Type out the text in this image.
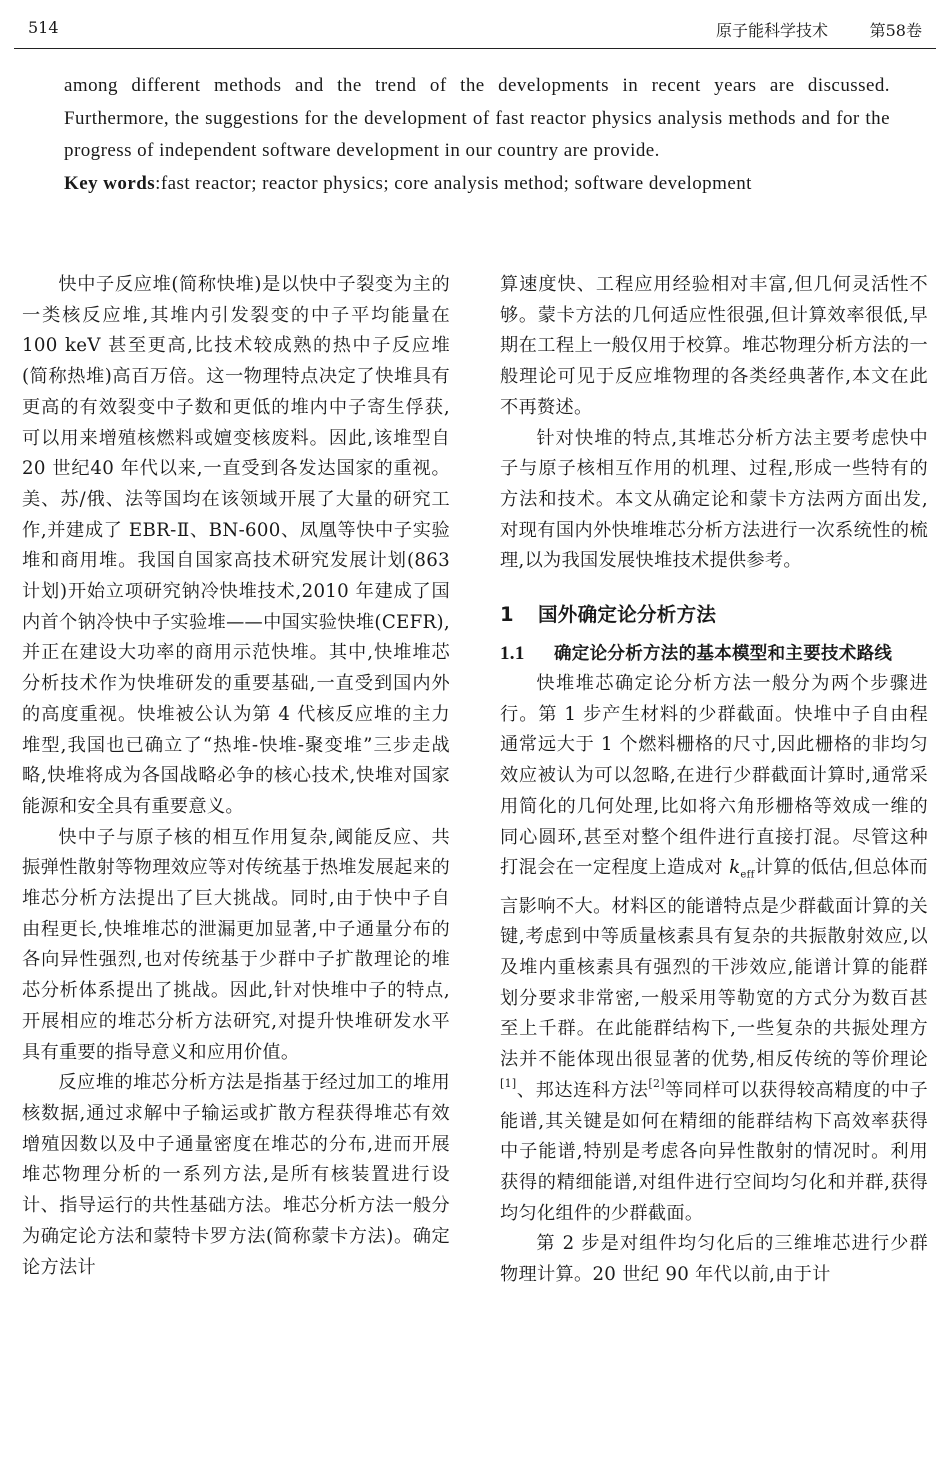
514	原子能科学技术	第58卷

among different methods and the trend of the developments in recent years are discussed. Furthermore, the suggestions for the development of fast reactor physics analysis methods and for the progress of independent software development in our country are provide.

Key words:fast reactor; reactor physics; core analysis method; software development

快中子反应堆(简称快堆)是以快中子裂变为主的一类核反应堆,其堆内引发裂变的中子平均能量在 100 keV 甚至更高,比技术较成熟的热中子反应堆(简称热堆)高百万倍。这一物理特点决定了快堆具有更高的有效裂变中子数和更低的堆内中子寄生俘获,可以用来增殖核燃料或嬗变核废料。因此,该堆型自 20 世纪40 年代以来,一直受到各发达国家的重视。美、苏/俄、法等国均在该领域开展了大量的研究工作,并建成了 EBR-Ⅱ、BN-600、凤凰等快中子实验堆和商用堆。我国自国家高技术研究发展计划(863 计划)开始立项研究钠冷快堆技术,2010 年建成了国内首个钠冷快中子实验堆——中国实验快堆(CEFR),并正在建设大功率的商用示范快堆。其中,快堆堆芯分析技术作为快堆研发的重要基础,一直受到国内外的高度重视。快堆被公认为第 4 代核反应堆的主力堆型,我国也已确立了“热堆-快堆-聚变堆”三步走战略,快堆将成为各国战略必争的核心技术,快堆对国家能源和安全具有重要意义。

快中子与原子核的相互作用复杂,阈能反应、共振弹性散射等物理效应等对传统基于热堆发展起来的堆芯分析方法提出了巨大挑战。同时,由于快中子自由程更长,快堆堆芯的泄漏更加显著,中子通量分布的各向异性强烈,也对传统基于少群中子扩散理论的堆芯分析体系提出了挑战。因此,针对快堆中子的特点,开展相应的堆芯分析方法研究,对提升快堆研发水平具有重要的指导意义和应用价值。

反应堆的堆芯分析方法是指基于经过加工的堆用核数据,通过求解中子输运或扩散方程获得堆芯有效增殖因数以及中子通量密度在堆芯的分布,进而开展堆芯物理分析的一系列方法,是所有核装置进行设计、指导运行的共性基础方法。堆芯分析方法一般分为确定论方法和蒙特卡罗方法(简称蒙卡方法)。确定论方法计

算速度快、工程应用经验相对丰富,但几何灵活性不够。蒙卡方法的几何适应性很强,但计算效率很低,早期在工程上一般仅用于校算。堆芯物理分析方法的一般理论可见于反应堆物理的各类经典著作,本文在此不再赘述。

针对快堆的特点,其堆芯分析方法主要考虑快中子与原子核相互作用的机理、过程,形成一些特有的方法和技术。本文从确定论和蒙卡方法两方面出发,对现有国内外快堆堆芯分析方法进行一次系统性的梳理,以为我国发展快堆技术提供参考。

1 国外确定论分析方法
1.1	确定论分析方法的基本模型和主要技术路线

快堆堆芯确定论分析方法一般分为两个步骤进行。第 1 步产生材料的少群截面。快堆中子自由程通常远大于 1 个燃料栅格的尺寸,因此栅格的非均匀效应被认为可以忽略,在进行少群截面计算时,通常采用简化的几何处理,比如将六角形栅格等效成一维的同心圆环,甚至对整个组件进行直接打混。尽管这种打混会在一定程度上造成对 $k_{eff}$计算的低估,但总体而言影响不大。材料区的能谱特点是少群截面计算的关键,考虑到中等质量核素具有复杂的共振散射效应,以及堆内重核素具有强烈的干涉效应,能谱计算的能群划分要求非常密,一般采用等勒宽的方式分为数百甚至上千群。在此能群结构下,一些复杂的共振处理方法并不能体现出很显著的优势,相反传统的等价理论[1]、邦达连科方法[2]等同样可以获得较高精度的中子能谱,其关键是如何在精细的能群结构下高效率获得中子能谱,特别是考虑各向异性散射的情况时。利用获得的精细能谱,对组件进行空间均匀化和并群,获得均匀化组件的少群截面。

第 2 步是对组件均匀化后的三维堆芯进行少群物理计算。20 世纪 90 年代以前,由于计
